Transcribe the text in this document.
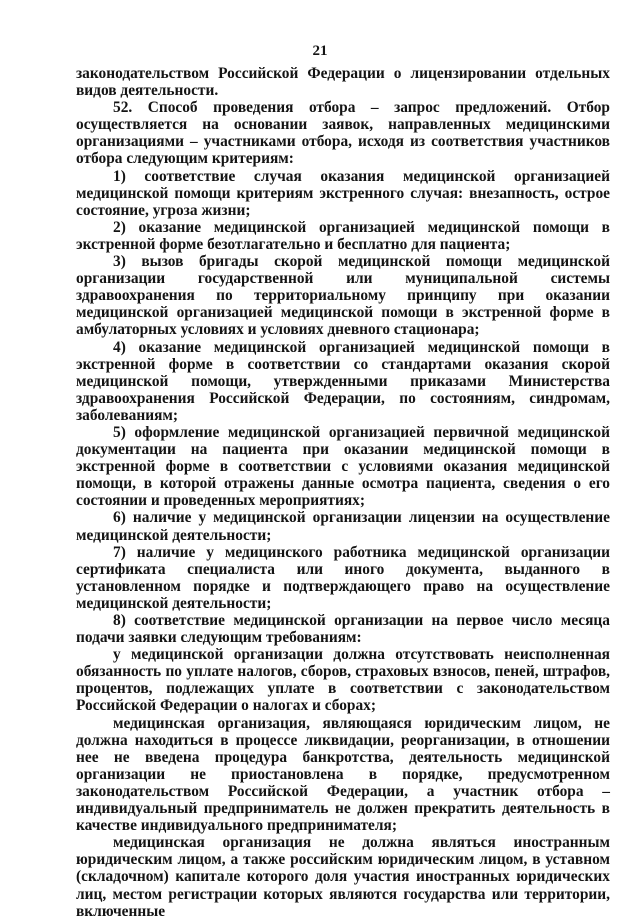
21

законодательством Российской Федерации о лицензировании отдельных видов деятельности.

52. Способ проведения отбора – запрос предложений. Отбор осуществляется на основании заявок, направленных медицинскими организациями – участниками отбора, исходя из соответствия участников отбора следующим критериям:

1) соответствие случая оказания медицинской организацией медицинской помощи критериям экстренного случая: внезапность, острое состояние, угроза жизни;

2) оказание медицинской организацией медицинской помощи в экстренной форме безотлагательно и бесплатно для пациента;

3) вызов бригады скорой медицинской помощи медицинской организации государственной или муниципальной системы здравоохранения по территориальному принципу при оказании медицинской организацией медицинской помощи в экстренной форме в амбулаторных условиях и условиях дневного стационара;

4) оказание медицинской организацией медицинской помощи в экстренной форме в соответствии со стандартами оказания скорой медицинской помощи, утвержденными приказами Министерства здравоохранения Российской Федерации, по состояниям, синдромам, заболеваниям;

5) оформление медицинской организацией первичной медицинской документации на пациента при оказании медицинской помощи в экстренной форме в соответствии с условиями оказания медицинской помощи, в которой отражены данные осмотра пациента, сведения о его состоянии и проведенных мероприятиях;

6) наличие у медицинской организации лицензии на осуществление медицинской деятельности;

7) наличие у медицинского работника медицинской организации сертификата специалиста или иного документа, выданного в установленном порядке и подтверждающего право на осуществление медицинской деятельности;

8) соответствие медицинской организации на первое число месяца подачи заявки следующим требованиям:

у медицинской организации должна отсутствовать неисполненная обязанность по уплате налогов, сборов, страховых взносов, пеней, штрафов, процентов, подлежащих уплате в соответствии с законодательством Российской Федерации о налогах и сборах;

медицинская организация, являющаяся юридическим лицом, не должна находиться в процессе ликвидации, реорганизации, в отношении нее не введена процедура банкротства, деятельность медицинской организации не приостановлена в порядке, предусмотренном законодательством Российской Федерации, а участник отбора – индивидуальный предприниматель не должен прекратить деятельность в качестве индивидуального предпринимателя;

медицинская организация не должна являться иностранным юридическим лицом, а также российским юридическим лицом, в уставном (складочном) капитале которого доля участия иностранных юридических лиц, местом регистрации которых являются государства или территории, включенные
